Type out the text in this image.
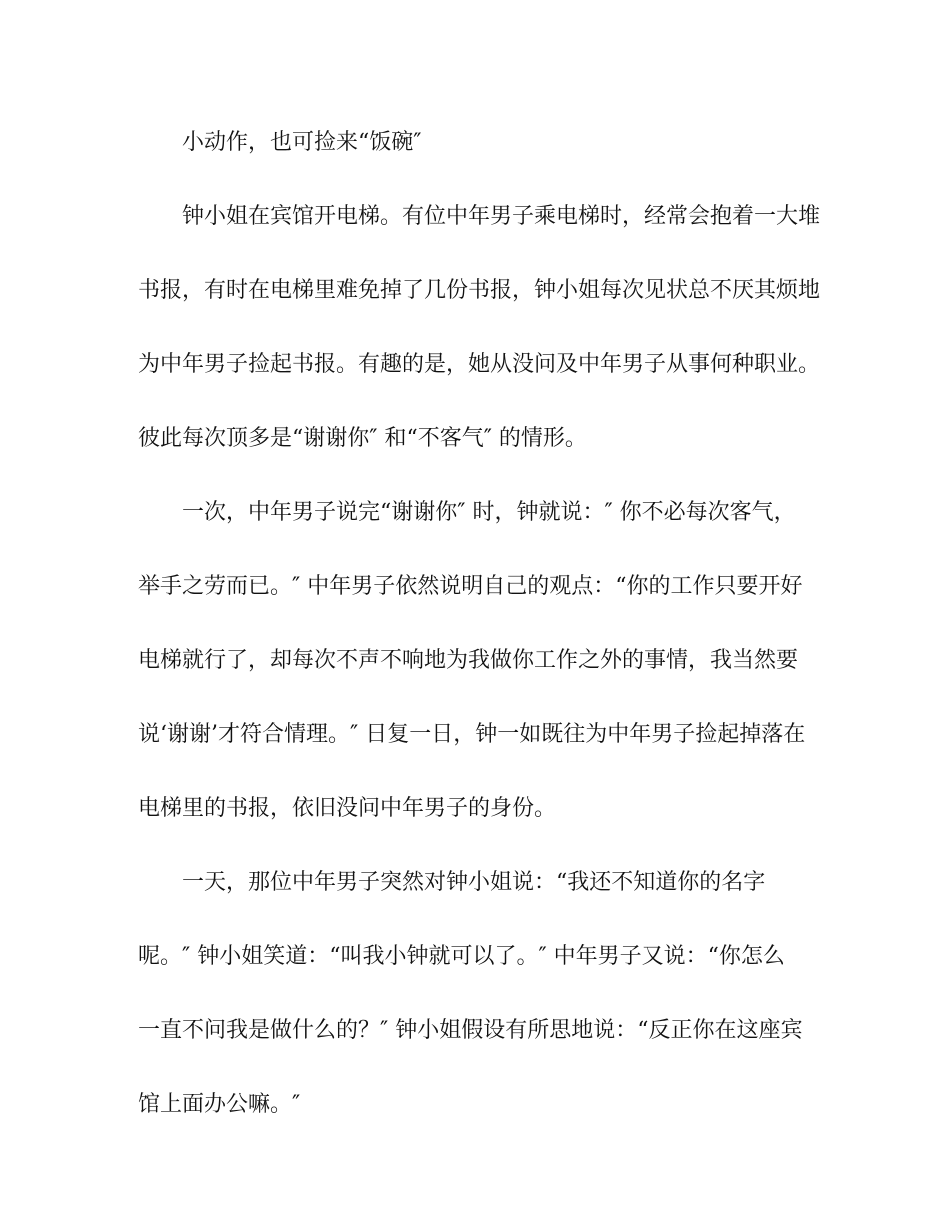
小动作，也可捡来“饭碗″
钟小姐在宾馆开电梯。有位中年男子乘电梯时，经常会抱着一大堆
书报，有时在电梯里难免掉了几份书报，钟小姐每次见状总不厌其烦地
为中年男子捡起书报。有趣的是，她从没问及中年男子从事何种职业。
彼此每次顶多是“谢谢你″ 和“不客气″ 的情形。
一次，中年男子说完“谢谢你″ 时，钟就说：″ 你不必每次客气，
举手之劳而已。″ 中年男子依然说明自己的观点：“你的工作只要开好
电梯就行了，却每次不声不响地为我做你工作之外的事情，我当然要
说‘谢谢’才符合情理。″ 日复一日，钟一如既往为中年男子捡起掉落在
电梯里的书报，依旧没问中年男子的身份。
一天，那位中年男子突然对钟小姐说：“我还不知道你的名字
呢。″ 钟小姐笑道：“叫我小钟就可以了。″ 中年男子又说：“你怎么
一直不问我是做什么的？″ 钟小姐假设有所思地说：“反正你在这座宾
馆上面办公嘛。″
